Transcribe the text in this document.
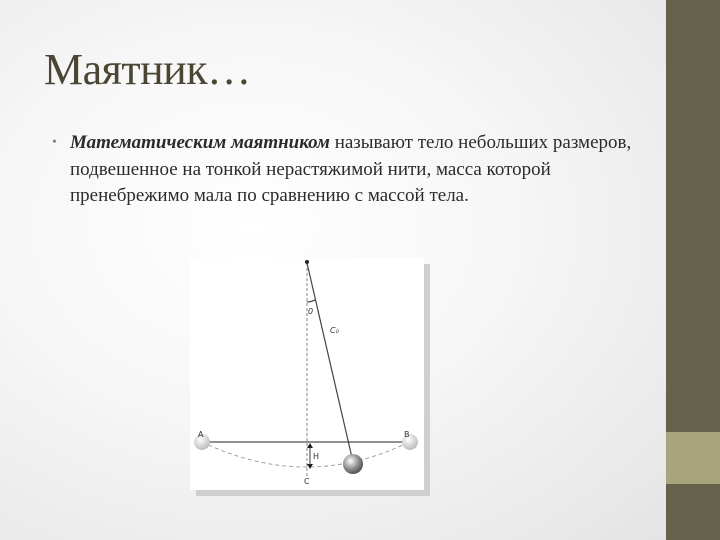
Маятник…
• Математическим маятником называют тело небольших размеров, подвешенное на тонкой нерастяжимой нити, масса которой пренебрежимо мала по сравнению с массой тела.
A	B
C
H
0
C₀
